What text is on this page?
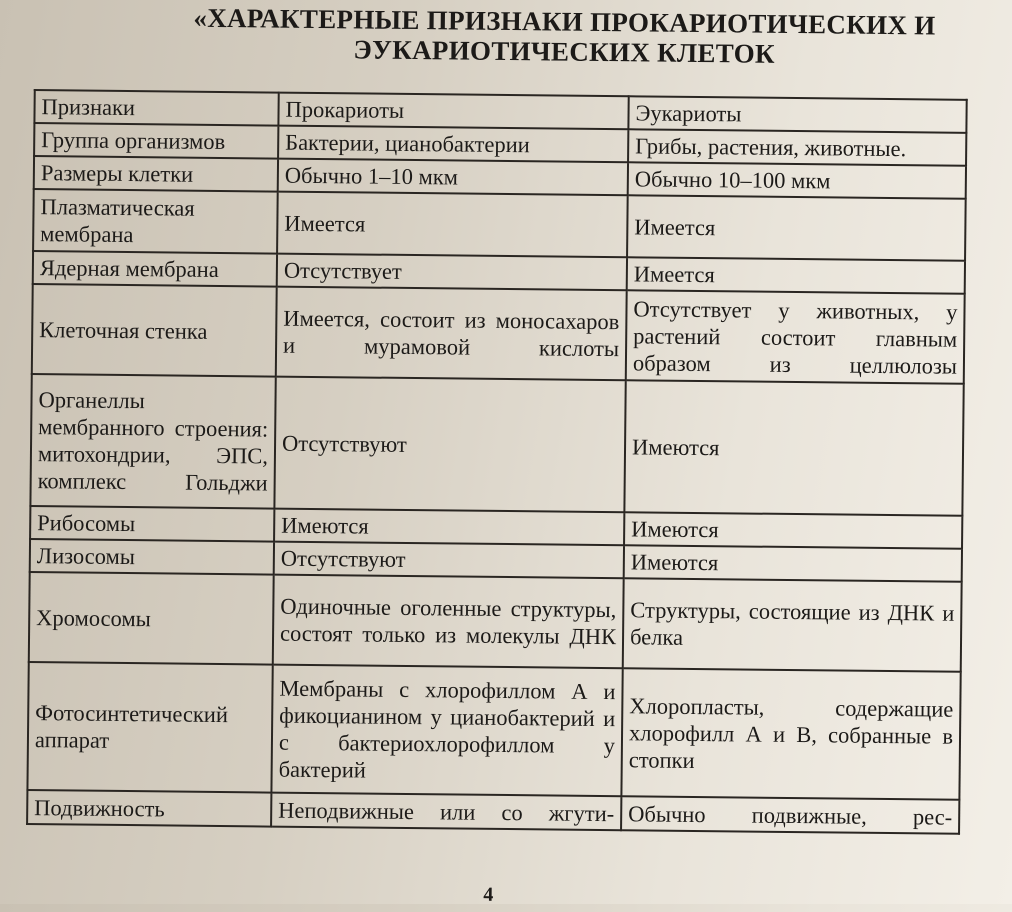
«ХАРАКТЕРНЫЕ ПРИЗНАКИ ПРОКАРИОТИЧЕСКИХ И
ЭУКАРИОТИЧЕСКИХ КЛЕТОК
Признаки	Прокариоты	Эукариоты
Группа организмов	Бактерии, цианобактерии	Грибы, растения, животные.
Размеры клетки	Обычно 1–10 мкм	Обычно 10–100 мкм
Плазматическая мембрана	Имеется	Имеется
Ядерная мембрана	Отсутствует	Имеется
Клеточная стенка	Имеется, состоит из моносахаров и мурамовой кислоты	Отсутствует у животных, у растений состоит главным образом из целлюлозы
Органеллы мембранного строения: митохондрии, ЭПС, комплекс Гольджи	Отсутствуют	Имеются
Рибосомы	Имеются	Имеются
Лизосомы	Отсутствуют	Имеются
Хромосомы	Одиночные оголенные структуры, состоят только из молекулы ДНК	Структуры, состоящие из ДНК и белка
Фотосинтетический аппарат	Мембраны с хлорофиллом А и фикоцианином у цианобактерий и с бактериохлорофиллом у бактерий	Хлоропласты, содержащие хлорофилл А и В, собранные в стопки
Подвижность	Неподвижные или со жгути-	Обычно подвижные, рес-
4
